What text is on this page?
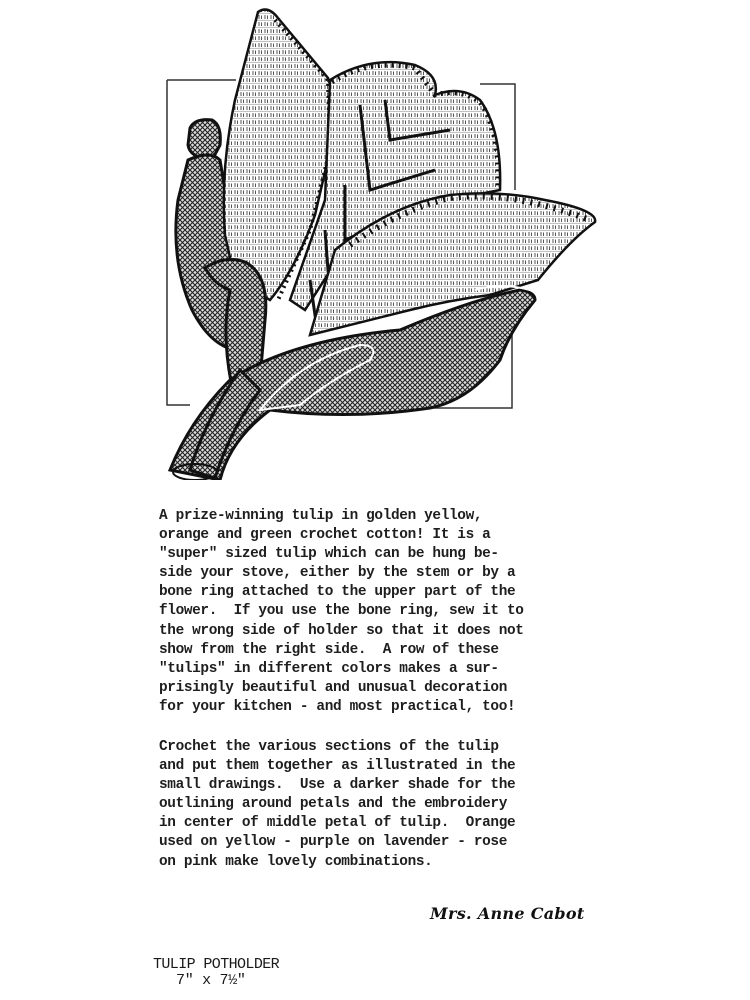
A prize-winning tulip in golden yellow,
orange and green crochet cotton! It is a
"super" sized tulip which can be hung be-
side your stove, either by the stem or by a
bone ring attached to the upper part of the
flower.  If you use the bone ring, sew it to
the wrong side of holder so that it does not
show from the right side.  A row of these
"tulips" in different colors makes a sur-
prisingly beautiful and unusual decoration
for your kitchen - and most practical, too!
Crochet the various sections of the tulip
and put them together as illustrated in the
small drawings.  Use a darker shade for the
outlining around petals and the embroidery
in center of middle petal of tulip.  Orange
used on yellow - purple on lavender - rose
on pink make lovely combinations.
Mrs. Anne Cabot
TULIP POTHOLDER
7" x 7½"
